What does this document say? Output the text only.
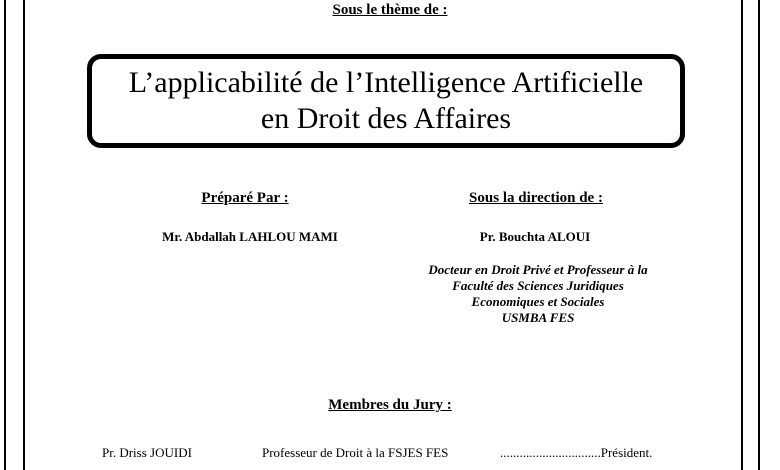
Sous le thème de :
L’applicabilité de l’Intelligence Artificielle
en Droit des Affaires
Préparé Par :	Sous la direction de :
Mr. Abdallah LAHLOU MAMI	Pr. Bouchta ALOUI
Docteur en Droit Privé et Professeur à la
Faculté des Sciences Juridiques
Economiques et Sociales
USMBA FES
Membres du Jury :
Pr. Driss JOUIDI	Professeur de Droit à la FSJES FES	...............................Président.
